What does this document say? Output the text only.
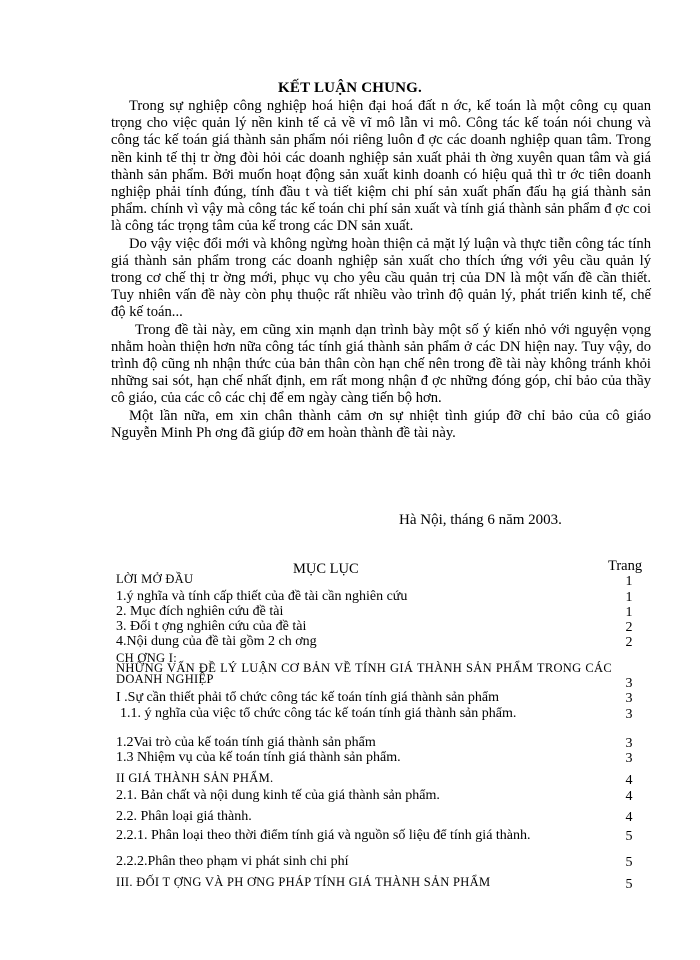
KẾT LUẬN CHUNG.

Trong sự nghiệp công nghiệp hoá hiện đại hoá đất n ớc, kế toán là một công cụ quan trọng cho việc quản lý nền kinh tế cả về vĩ mô lẫn vi mô. Công tác kế toán nói chung và công tác kế toán giá thành sản phẩm nói riêng luôn đ ợc các doanh nghiệp quan tâm. Trong nền kinh tế thị tr ờng đòi hỏi các doanh nghiệp sản xuất phải th ờng xuyên quan tâm và giá thành sản phẩm. Bởi muốn hoạt động sản xuất kinh doanh có hiệu quả thì tr ớc tiên doanh nghiệp phải tính đúng, tính đầu t và tiết kiệm chi phí sản xuất phấn đấu hạ giá thành sản phẩm. chính vì vậy mà công tác kế toán chi phí sản xuất và tính giá thành sản phẩm đ ợc coi là công tác trọng tâm của kế trong các DN sản xuất.

Do vậy việc đổi mới và không ngừng hoàn thiện cả mặt lý luận và thực tiễn công tác tính giá thành sản phẩm trong các doanh nghiệp sản xuất cho thích ứng với yêu cầu quản lý trong cơ chế thị tr ờng mới, phục vụ cho yêu cầu quản trị của DN là một vấn đề cần thiết. Tuy nhiên vấn đề này còn phụ thuộc rất nhiều vào trình độ quản lý, phát triển kinh tế, chế độ kế toán...

Trong đề tài này, em cũng xin mạnh dạn trình bày một số ý kiến nhỏ với nguyện vọng nhằm hoàn thiện hơn nữa công tác tính giá thành sản phẩm ở các DN hiện nay. Tuy vậy, do trình độ cũng nh nhận thức của bản thân còn hạn chế nên trong đề tài này không tránh khỏi những sai sót, hạn chế nhất định, em rất mong nhận đ ợc những đóng góp, chỉ bảo của thầy cô giáo, của các cô các chị để em ngày càng tiến bộ hơn.

Một lần nữa, em xin chân thành cảm ơn sự nhiệt tình giúp đỡ chỉ bảo của cô giáo Nguyễn Minh Ph ơng đã giúp đỡ em hoàn thành đề tài này.

Hà Nội, tháng 6 năm 2003.
MỤC LỤC	Trang
LỜI MỞ ĐẦU	1
1.ý nghĩa và tính cấp thiết của đề tài cần nghiên cứu	1
2. Mục đích nghiên cứu đề tài	1
3. Đối t ợng nghiên cứu của đề tài	2
4.Nội dung của đề tài gồm 2 ch ơng	2
CH ƠNG I:
NHỮNG VẤN ĐỀ LÝ LUẬN CƠ BẢN VỀ TÍNH GIÁ THÀNH SẢN PHẨM TRONG CÁC DOANH NGHIỆP	3
I .Sự cần thiết phải tổ chức công tác kế toán tính giá thành sản phẩm	3
1.1. ý nghĩa của việc tổ chức công tác kế toán tính giá thành sản phẩm.	3
1.2Vai trò của kế toán tính giá thành sản phẩm	3
1.3 Nhiệm vụ của kế toán tính giá thành sản phẩm.	3
II GIÁ THÀNH SẢN PHẨM.	4
2.1. Bản chất và nội dung kinh tế của giá thành sản phẩm.	4
2.2. Phân loại giá thành.	4
2.2.1. Phân loại theo thời điểm tính giá và nguồn số liệu để tính giá thành.	5
2.2.2.Phân theo phạm vi phát sinh chi phí	5
III. ĐỐI T ỢNG VÀ PH ƠNG PHÁP TÍNH GIÁ THÀNH SẢN PHẨM	5
